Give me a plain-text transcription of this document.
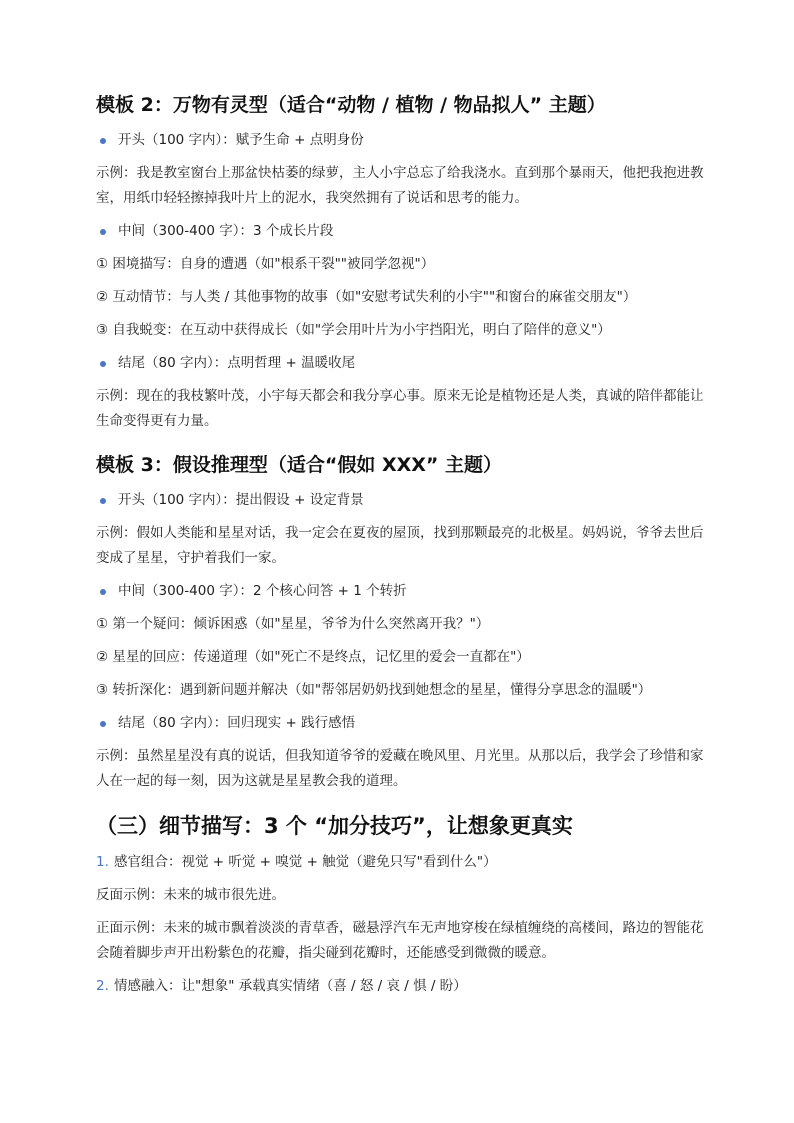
模板 2：万物有灵型（适合“动物 / 植物 / 物品拟人” 主题）
开头（100 字内）：赋予生命 + 点明身份

示例：我是教室窗台上那盆快枯萎的绿萝，主人小宇总忘了给我浇水。直到那个暴雨天，他把我抱进教室，用纸巾轻轻擦掉我叶片上的泥水，我突然拥有了说话和思考的能力。

中间（300-400 字）：3 个成长片段

① 困境描写：自身的遭遇（如"根系干裂""被同学忽视"）

② 互动情节：与人类 / 其他事物的故事（如"安慰考试失利的小宇""和窗台的麻雀交朋友"）

③ 自我蜕变：在互动中获得成长（如"学会用叶片为小宇挡阳光，明白了陪伴的意义"）

结尾（80 字内）：点明哲理 + 温暖收尾

示例：现在的我枝繁叶茂，小宇每天都会和我分享心事。原来无论是植物还是人类，真诚的陪伴都能让生命变得更有力量。

模板 3：假设推理型（适合“假如 XXX” 主题）
开头（100 字内）：提出假设 + 设定背景

示例：假如人类能和星星对话，我一定会在夏夜的屋顶，找到那颗最亮的北极星。妈妈说，爷爷去世后变成了星星，守护着我们一家。

中间（300-400 字）：2 个核心问答 + 1 个转折

① 第一个疑问：倾诉困惑（如"星星，爷爷为什么突然离开我？"）

② 星星的回应：传递道理（如"死亡不是终点，记忆里的爱会一直都在"）

③ 转折深化：遇到新问题并解决（如"帮邻居奶奶找到她想念的星星，懂得分享思念的温暖"）

结尾（80 字内）：回归现实 + 践行感悟

示例：虽然星星没有真的说话，但我知道爷爷的爱藏在晚风里、月光里。从那以后，我学会了珍惜和家人在一起的每一刻，因为这就是星星教会我的道理。

（三）细节描写：3 个 “加分技巧”，让想象更真实
1. 感官组合：视觉 + 听觉 + 嗅觉 + 触觉（避免只写"看到什么"）

反面示例：未来的城市很先进。

正面示例：未来的城市飘着淡淡的青草香，磁悬浮汽车无声地穿梭在绿植缠绕的高楼间，路边的智能花会随着脚步声开出粉紫色的花瓣，指尖碰到花瓣时，还能感受到微微的暖意。

2. 情感融入：让"想象" 承载真实情绪（喜 / 怒 / 哀 / 惧 / 盼）
